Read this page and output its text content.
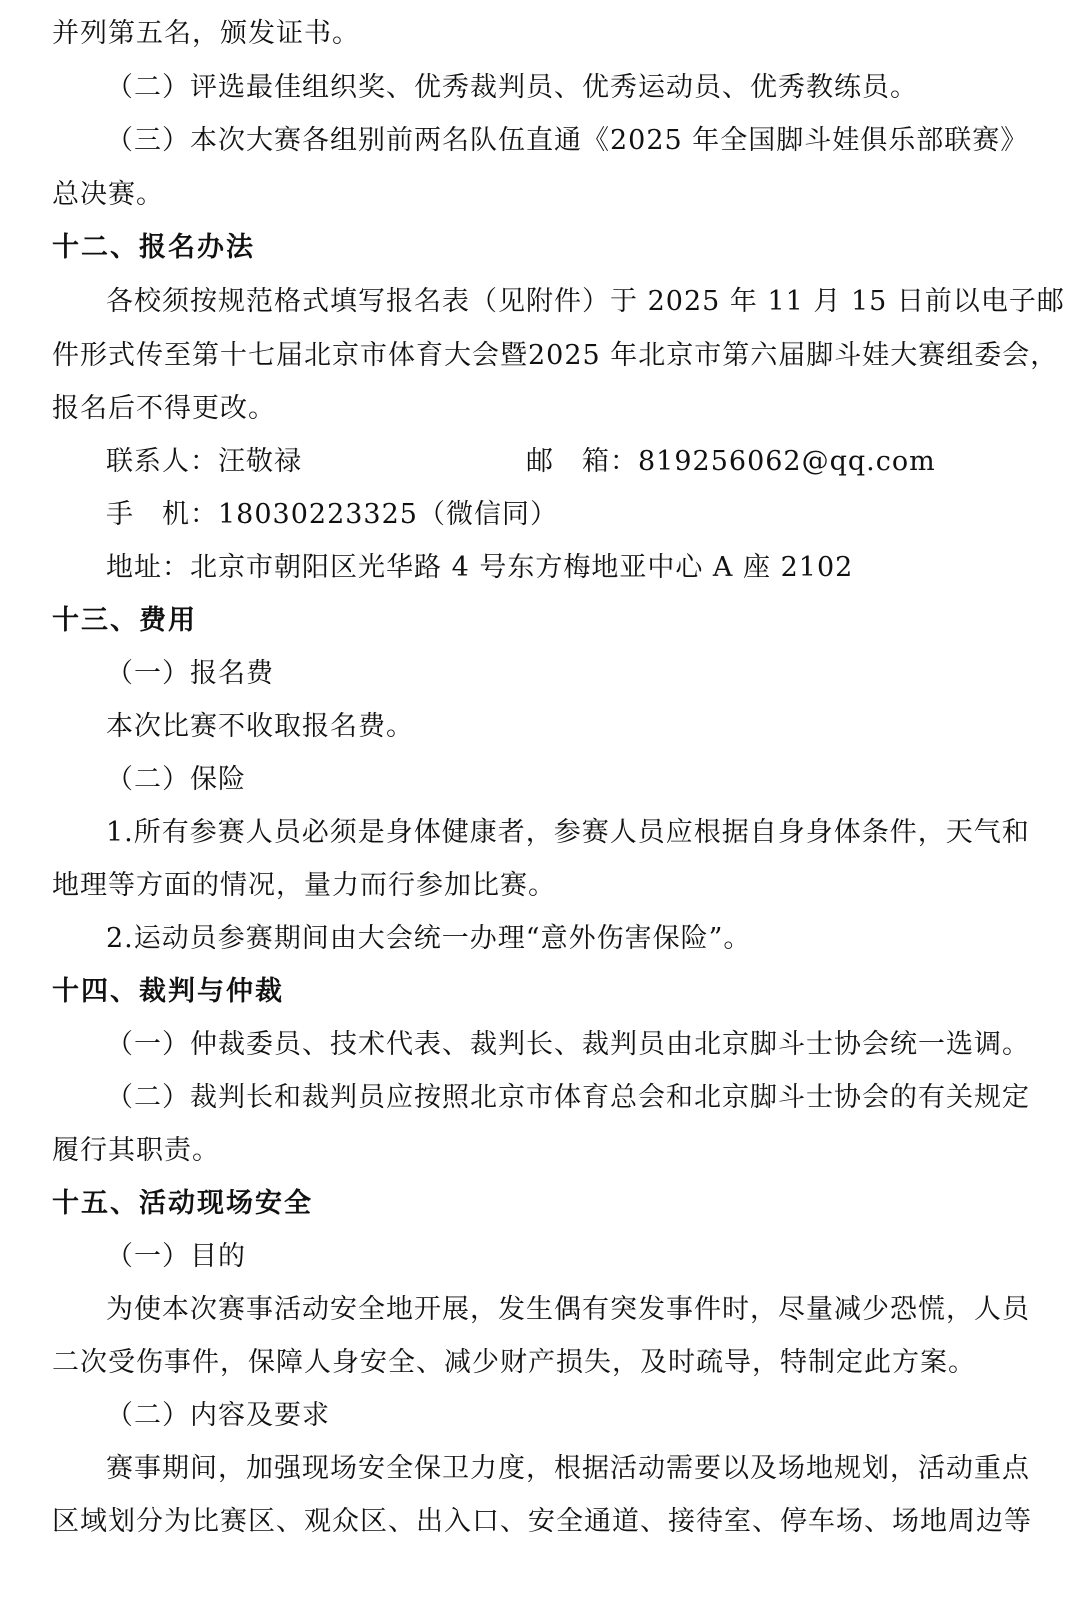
并列第五名，颁发证书。
（二）评选最佳组织奖、优秀裁判员、优秀运动员、优秀教练员。
（三）本次大赛各组别前两名队伍直通《2025 年全国脚斗娃俱乐部联赛》
总决赛。
十二、报名办法
各校须按规范格式填写报名表（见附件）于 2025 年 11 月 15 日前以电子邮
件形式传至第十七届北京市体育大会暨2025 年北京市第六届脚斗娃大赛组委会，
报名后不得更改。
联系人：汪敬禄	邮　箱：819256062@qq.com
手　机：18030223325（微信同）
地址：北京市朝阳区光华路 4 号东方梅地亚中心 A 座 2102
十三、费用
（一）报名费
本次比赛不收取报名费。
（二）保险
1.所有参赛人员必须是身体健康者，参赛人员应根据自身身体条件，天气和
地理等方面的情况，量力而行参加比赛。
2.运动员参赛期间由大会统一办理“意外伤害保险”。
十四、裁判与仲裁
（一）仲裁委员、技术代表、裁判长、裁判员由北京脚斗士协会统一选调。
（二）裁判长和裁判员应按照北京市体育总会和北京脚斗士协会的有关规定
履行其职责。
十五、活动现场安全
（一）目的
为使本次赛事活动安全地开展，发生偶有突发事件时，尽量减少恐慌，人员
二次受伤事件，保障人身安全、减少财产损失，及时疏导，特制定此方案。
（二）内容及要求
赛事期间，加强现场安全保卫力度，根据活动需要以及场地规划，活动重点
区域划分为比赛区、观众区、出入口、安全通道、接待室、停车场、场地周边等
